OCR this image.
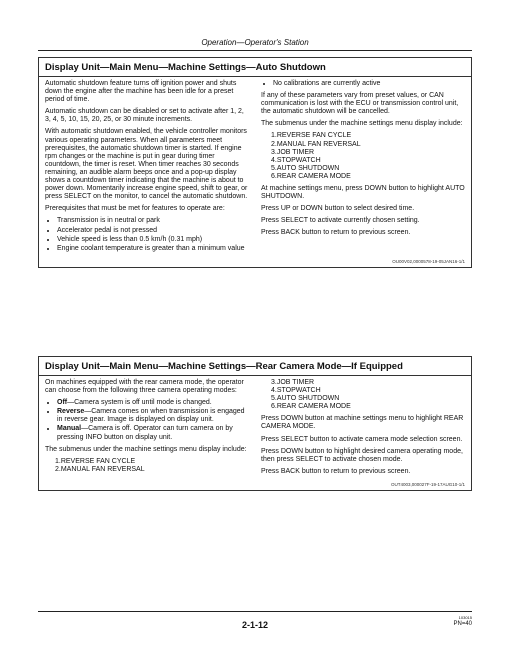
Operation—Operator's Station
Display Unit—Main Menu—Machine Settings—Auto Shutdown

Automatic shutdown feature turns off ignition power and shuts down the engine after the machine has been idle for a preset period of time.

Automatic shutdown can be disabled or set to activate after 1, 2, 3, 4, 5, 10, 15, 20, 25, or 30 minute increments.

With automatic shutdown enabled, the vehicle controller monitors various operating parameters. When all parameters meet prerequisites, the automatic shutdown timer is started. If engine rpm changes or the machine is put in gear during timer countdown, the timer is reset. When timer reaches 30 seconds remaining, an audible alarm beeps once and a pop-up display shows a countdown timer indicating that the machine is about to power down. Momentarily increase engine speed, shift to gear, or press SELECT on the monitor, to cancel the automatic shutdown.

Prerequisites that must be met for features to operate are:

• Transmission is in neutral or park
• Accelerator pedal is not pressed
• Vehicle speed is less than 0.5 km/h (0.31 mph)
• Engine coolant temperature is greater than a minimum value
• No calibrations are currently active

If any of these parameters vary from preset values, or CAN communication is lost with the ECU or transmission control unit, the automatic shutdown will be cancelled.

The submenus under the machine settings menu display include:

1.REVERSE FAN CYCLE
2.MANUAL FAN REVERSAL
3.JOB TIMER
4.STOPWATCH
5.AUTO SHUTDOWN
6.REAR CAMERA MODE

At machine settings menu, press DOWN button to highlight AUTO SHUTDOWN.

Press UP or DOWN button to select desired time.

Press SELECT to activate currently chosen setting.

Press BACK button to return to previous screen.

OU00V02,0000578-19-05JAN16-1/1
Display Unit—Main Menu—Machine Settings—Rear Camera Mode—If Equipped

On machines equipped with the rear camera mode, the operator can choose from the following three camera operating modes:

• Off—Camera system is off until mode is changed.
• Reverse—Camera comes on when transmission is engaged in reverse gear. Image is displayed on display unit.
• Manual—Camera is off. Operator can turn camera on by pressing INFO button on display unit.

The submenus under the machine settings menu display include:

1.REVERSE FAN CYCLE
2.MANUAL FAN REVERSAL
3.JOB TIMER
4.STOPWATCH
5.AUTO SHUTDOWN
6.REAR CAMERA MODE

Press DOWN button at machine settings menu to highlight REAR CAMERA MODE.

Press SELECT button to activate camera mode selection screen.

Press DOWN button to highlight desired camera operating mode, then press SELECT to activate chosen mode.

Press BACK button to return to previous screen.

OUT4003,000027F-19-17AUG10-1/1
2-1-12
103015
PN=40
